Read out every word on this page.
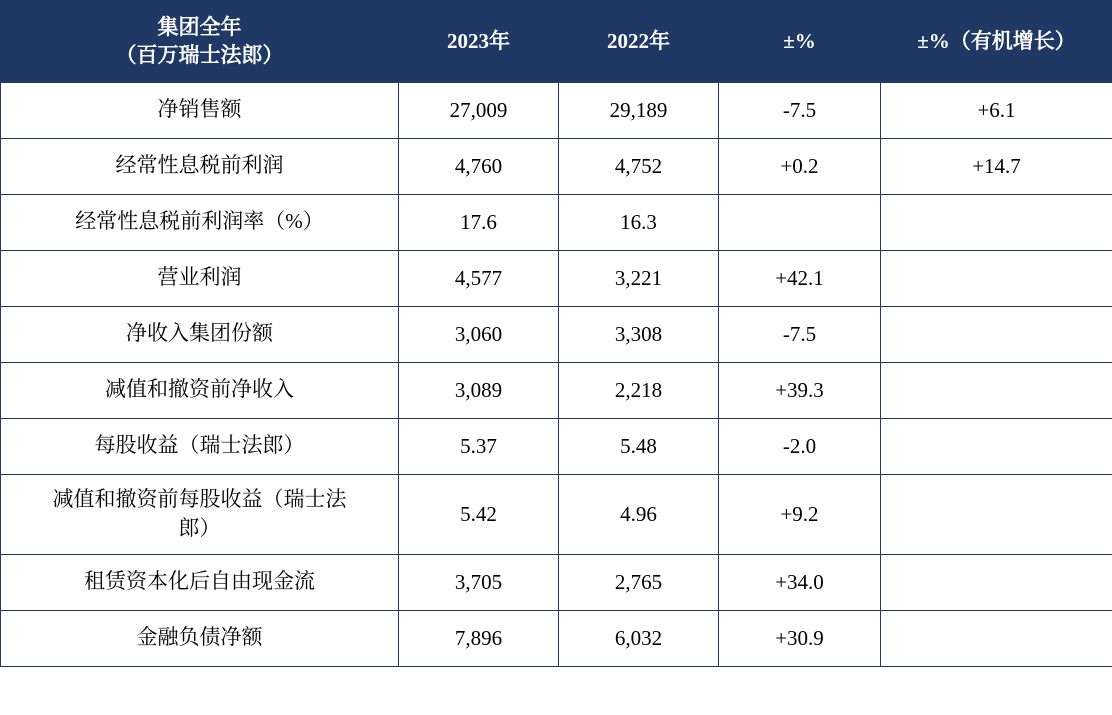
集团全年
（百万瑞士法郎）	2023年	2022年	±%	±%（有机增长）
净销售额	27,009	29,189	-7.5	+6.1
经常性息税前利润	4,760	4,752	+0.2	+14.7
经常性息税前利润率（%）	17.6	16.3		
营业利润	4,577	3,221	+42.1	
净收入集团份额	3,060	3,308	-7.5	
减值和撤资前净收入	3,089	2,218	+39.3	
每股收益（瑞士法郎）	5.37	5.48	-2.0	

减值和撤资前每股收益（瑞士法
郎）	5.42	4.96	+9.2	
租赁资本化后自由现金流	3,705	2,765	+34.0	
金融负债净额	7,896	6,032	+30.9	
